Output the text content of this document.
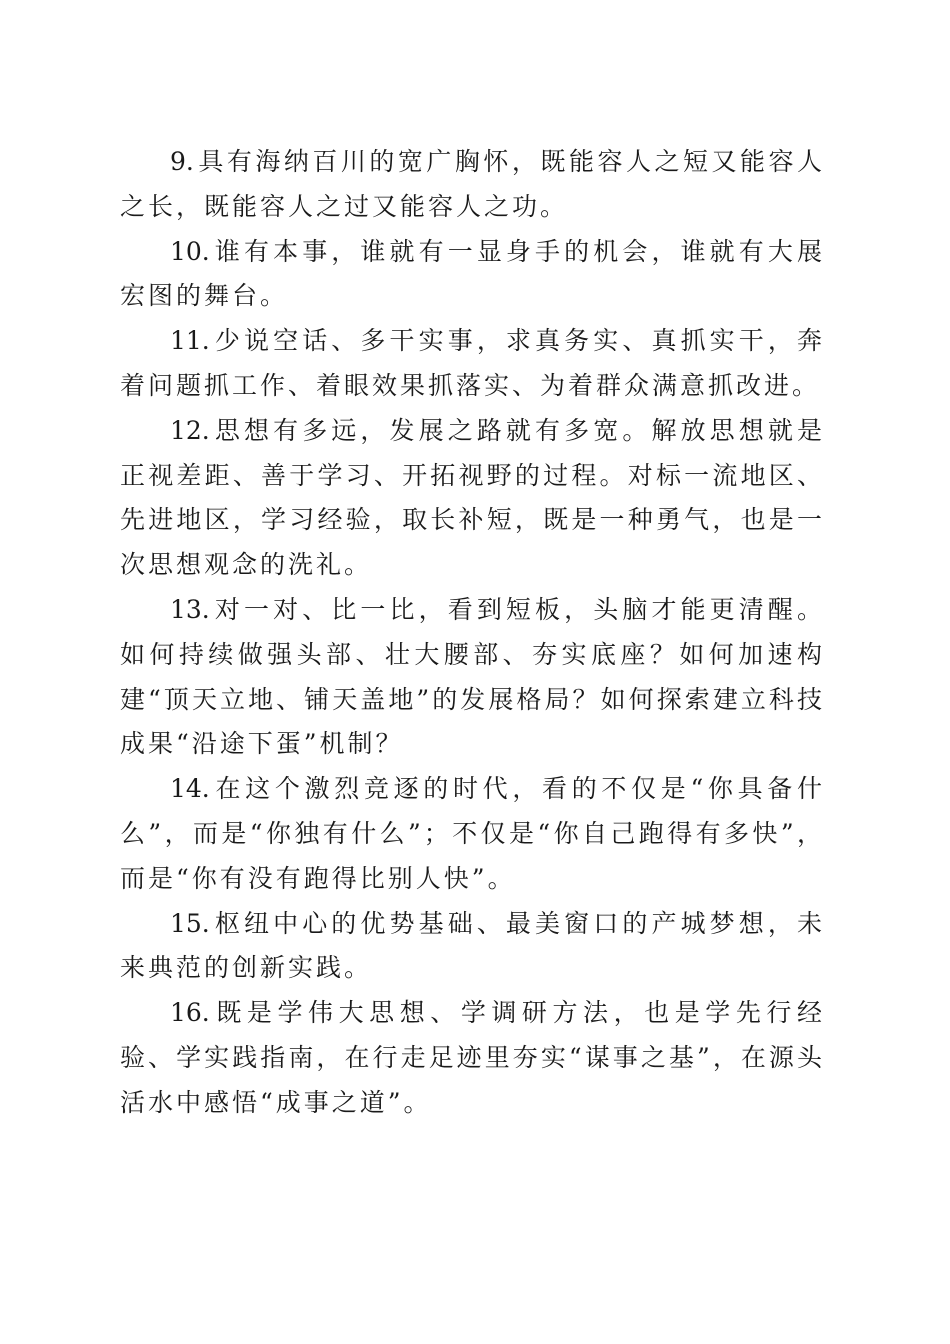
9. 具有海纳百川的宽广胸怀，既能容人之短又能容人之长，既能容人之过又能容人之功。

10. 谁有本事，谁就有一显身手的机会，谁就有大展宏图的舞台。

11. 少说空话、多干实事，求真务实、真抓实干，奔着问题抓工作、着眼效果抓落实、为着群众满意抓改进。

12. 思想有多远，发展之路就有多宽。解放思想就是正视差距、善于学习、开拓视野的过程。对标一流地区、先进地区，学习经验，取长补短，既是一种勇气，也是一次思想观念的洗礼。

13. 对一对、比一比，看到短板，头脑才能更清醒。如何持续做强头部、壮大腰部、夯实底座？如何加速构建“顶天立地、铺天盖地”的发展格局？如何探索建立科技成果“沿途下蛋”机制？

14. 在这个激烈竞逐的时代，看的不仅是“你具备什么”，而是“你独有什么”；不仅是“你自己跑得有多快”，而是“你有没有跑得比别人快”。

15. 枢纽中心的优势基础、最美窗口的产城梦想，未来典范的创新实践。

16. 既是学伟大思想、学调研方法，也是学先行经验、学实践指南，在行走足迹里夯实“谋事之基”，在源头活水中感悟“成事之道”。
